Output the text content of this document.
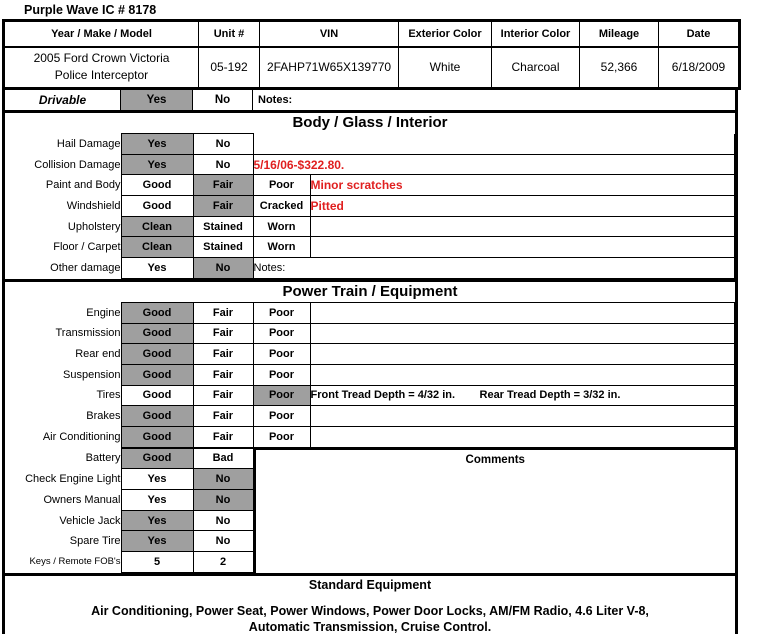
Purple Wave IC # 8178
Year / Make / Model	Unit #	VIN	Exterior Color	Interior Color	Mileage	Date

2005 Ford Crown Victoria
Police Interceptor	05-192	2FAHP71W65X139770	White	Charcoal	52,366	6/18/2009
Drivable	Yes	No	Notes:
Body / Glass / Interior
Hail Damage	Yes	No		
Collision Damage	Yes	No	5/16/06-$322.80.	
Paint and Body	Good	Fair	Poor	Minor scratches
Windshield	Good	Fair	Cracked	Pitted
Upholstery	Clean	Stained	Worn	
Floor / Carpet	Clean	Stained	Worn	
Other damage	Yes	No	Notes:	
Power Train / Equipment
Engine	Good	Fair	Poor	
Transmission	Good	Fair	Poor	
Rear end	Good	Fair	Poor	
Suspension	Good	Fair	Poor	
Tires	Good	Fair	Poor	Front Tread Depth = 4/32 in.        Rear Tread Depth = 3/32 in.
Brakes	Good	Fair	Poor	
Air Conditioning	Good	Fair	Poor	
Battery	Good	Bad
Check Engine Light	Yes	No
Owners Manual	Yes	No
Vehicle Jack	Yes	No
Spare Tire	Yes	No
Keys / Remote FOB's	5	2
Comments
Standard Equipment
Air Conditioning, Power Seat, Power Windows, Power Door Locks, AM/FM Radio, 4.6 Liter V-8,
Automatic Transmission, Cruise Control.
